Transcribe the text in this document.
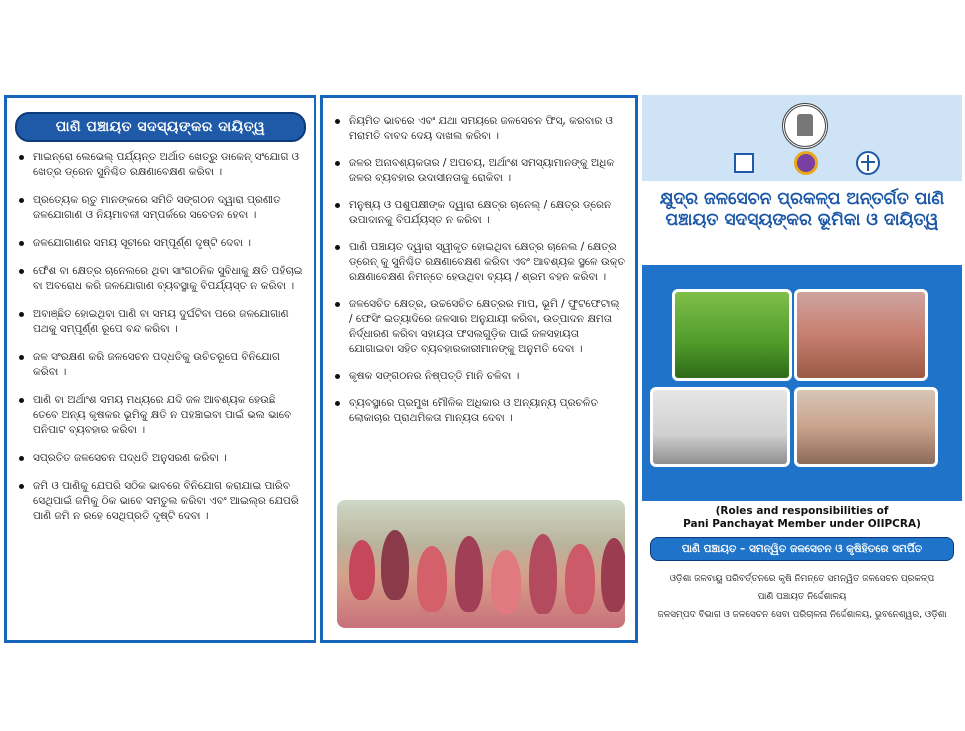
ପାଣି ପଞ୍ଚାୟତ ସଦସ୍ୟଙ୍କର ଦାୟିତ୍ୱ
ମାଇନ୍ରୋ ଲେଭେଲ୍ ପର୍ଯ୍ୟନ୍ତ ଅର୍ଥାତ ଖେତ୍ରୁ ଡାକେନ୍ ସଂଯୋଗ ଓ ଖେତ୍ର ଡ୍ରେନ ସୁନିଶ୍ଚିତ ରକ୍ଷଣାବେକ୍ଷଣ କରିବା ।
ପ୍ରତ୍ୟେକ ଋତୁ ମାନଙ୍କରେ ସମିତି ସଙ୍ଗଠନ ଦ୍ୱାରା ପ୍ରଣୀତ ଜଳଯୋଗାଣ ଓ ନିୟମାବଳୀ ସମ୍ପର୍କରେ ସଚେତନ ହେବା ।
ଜଳଯୋଗାଣର ସମୟ ସୂଚୀରେ ସମ୍ପୂର୍ଣ୍ଣ ଦୃଷ୍ଟି ଦେବା ।
ଫେଁଶ ବା କ୍ଷେତ୍ର ଚାନେଲରେ ଥିବା ସାଂଗଠନିକ ସୁବିଧାକୁ କ୍ଷତି ପହଁଚାଇ ବା ଅବରୋଧ କରି ଜଳଯୋଗାଣ ବ୍ୟବସ୍ଥାକୁ ବିପର୍ଯ୍ୟସ୍ତ ନ କରିବା ।
ଅବାଞ୍ଛିତ ହୋଇଥିବା ପାଣି ବା ସମୟ ଦୁର୍ଘଟିବା ପରେ ଜଳଯୋଗାଣ ପଥକୁ ସମ୍ପୂର୍ଣ୍ଣ ରୂପେ ବନ୍ଦ କରିବା ।
ଜଳ ସଂରକ୍ଷଣ କରି ଜଳସେଚନ ପଦ୍ଧତିକୁ ଉଚିତରୂପେ ବିନିଯୋଗ କରିବା ।
ପାଣି ବା ଅର୍ଥାଂଶ ସମୟ ମଧ୍ୟରେ ଯଦି ଜଳ ଆବଶ୍ୟକ ହେଉଛି ତେବେ ଅନ୍ୟ କୃଷକର ଭୂମିକୁ କ୍ଷତି ନ ପହଞ୍ଚାଇବା ପାଇଁ ଭଲ ଭାବେ ପନିପାଟ ବ୍ୟବହାର କରିବା ।
ସପ୍ରତିତ ଜଳସେଚନ ପଦ୍ଧତି ଅନୁସରଣ କରିବା ।
ଜମି ଓ ପାଣିକୁ ଯେପରି ସଠିକ ଭାବରେ ବିନିଯୋଗ କରାଯାଇ ପାରିବ ସେଥିପାଇଁ ଜମିକୁ ଠିକ ଭାବେ ସମତୁଲ କରିବା ଏବଂ ଆଇଲ୍ର ଯେପରି ପାଣି ଜମି ନ ରହେ ସେଥିପ୍ରତି ଦୃଷ୍ଟି ଦେବା ।
ନିୟମିତ ଭାବରେ ଏବଂ ଯଥା ସମୟରେ ଜଳସେଚନ ଫିସ୍, କରବାର ଓ ମରାମତି ବାବଦ ଦେୟ ଦାଖଲ କରିବା ।
ଜଳର ଅନାବଶ୍ୟକତାର / ଅପଚୟ, ଅର୍ଥାଂଶ ସମସ୍ୟାମାନଙ୍କୁ ଅଧିକ ଜଳର ବ୍ୟବହାର ଉଦାସୀନତାକୁ ରୋକିବା ।
ମନୁଷ୍ୟ ଓ ପଶୁପକ୍ଷୀଙ୍କ ଦ୍ୱାରା କ୍ଷେତ୍ର ଚାନେଲ୍ / କ୍ଷେତ୍ର ଡ୍ରେନ ଉପାଦାନକୁ ବିପର୍ଯ୍ୟସ୍ତ ନ କରିବା ।
ପାଣି ପଞ୍ଚାୟତ ଦ୍ୱାରା ସ୍ୱୀକୃତ ହୋଇଥିବା କ୍ଷେତ୍ର ଚାନେଲ / କ୍ଷେତ୍ର ଡ୍ରେନ୍ କୁ ସୁନିଶ୍ଚିତ ରକ୍ଷଣାବେକ୍ଷଣ କରିବା ଏବଂ ଆବଶ୍ୟକ ସ୍ଥଳେ ଉକ୍ତ ରକ୍ଷଣାବେକ୍ଷଣ ନିମନ୍ତେ ହେଉଥିବା ବ୍ୟୟ / ଶ୍ରମ ବହନ କରିବା ।
ଜଳସେଚିତ କ୍ଷେତ୍ର, ଉଚ୍ଚସେଚିତ କ୍ଷେତ୍ରର ମାପ, ଭୂମି / ଫୁଟଫେଟାଲ୍ / ଫେସିଂ ଇତ୍ୟାଦିରେ ଜଳସାର ଅନୁଯାୟୀ କରିବା, ଉତ୍ପାଦନ କ୍ଷମତା ନିର୍ଦ୍ଧାରଣ କରିବା ସହାୟତା ଫସଲଗୁଡ଼ିକ ପାଇଁ ଜଳସହାୟତା ଯୋଗାଇବା ସହିତ ବ୍ୟବହାରକାରୀମାନଙ୍କୁ ଅନୁମତି ଦେବା ।
କୃଷକ ସଙ୍ଗଠନର ନିଷ୍ପତ୍ତି ମାନି ଚଳିବା ।
ବ୍ୟବସ୍ଥାରେ ପ୍ରମୁଖ ମୌଳିକ ଅଧିକାର ଓ ଅନ୍ୟାନ୍ୟ ପ୍ରଚଳିତ ଲୋକାଚାର ପ୍ରାଥମିକତା ମାନ୍ୟତା ଦେବା ।
କ୍ଷୁଦ୍ର ଜଳସେଚନ ପ୍ରକଳ୍ପ ଅନ୍ତର୍ଗତ ପାଣି ପଞ୍ଚାୟତ ସଦସ୍ୟଙ୍କର ଭୂମିକା ଓ ଦାୟିତ୍ୱ
(Roles and responsibilities of
Pani Panchayat Member under OIIPCRA)
ପାଣି ପଞ୍ଚାୟତ – ସମନ୍ୱିତ ଜଳସେଚନ ଓ କୃଷିହିତରେ ସମର୍ପିତ
ଓଡ଼ିଶା ଜଳବାୟୁ ପରିବର୍ତ୍ତନରେ କୃଷି ନିମନ୍ତେ ସମନ୍ୱିତ ଜଳସେଚନ ପ୍ରକଳ୍ପ
ପାଣି ପଞ୍ଚାୟତ ନିର୍ଦ୍ଦେଶାଳୟ
ଜଳସମ୍ପଦ ବିଭାଗ ଓ ଜଳସେଚନ ସେବା ପରିଚାଳନା ନିର୍ଦ୍ଦେଶାଳୟ, ଭୁବନେଶ୍ୱର, ଓଡ଼ିଶା
